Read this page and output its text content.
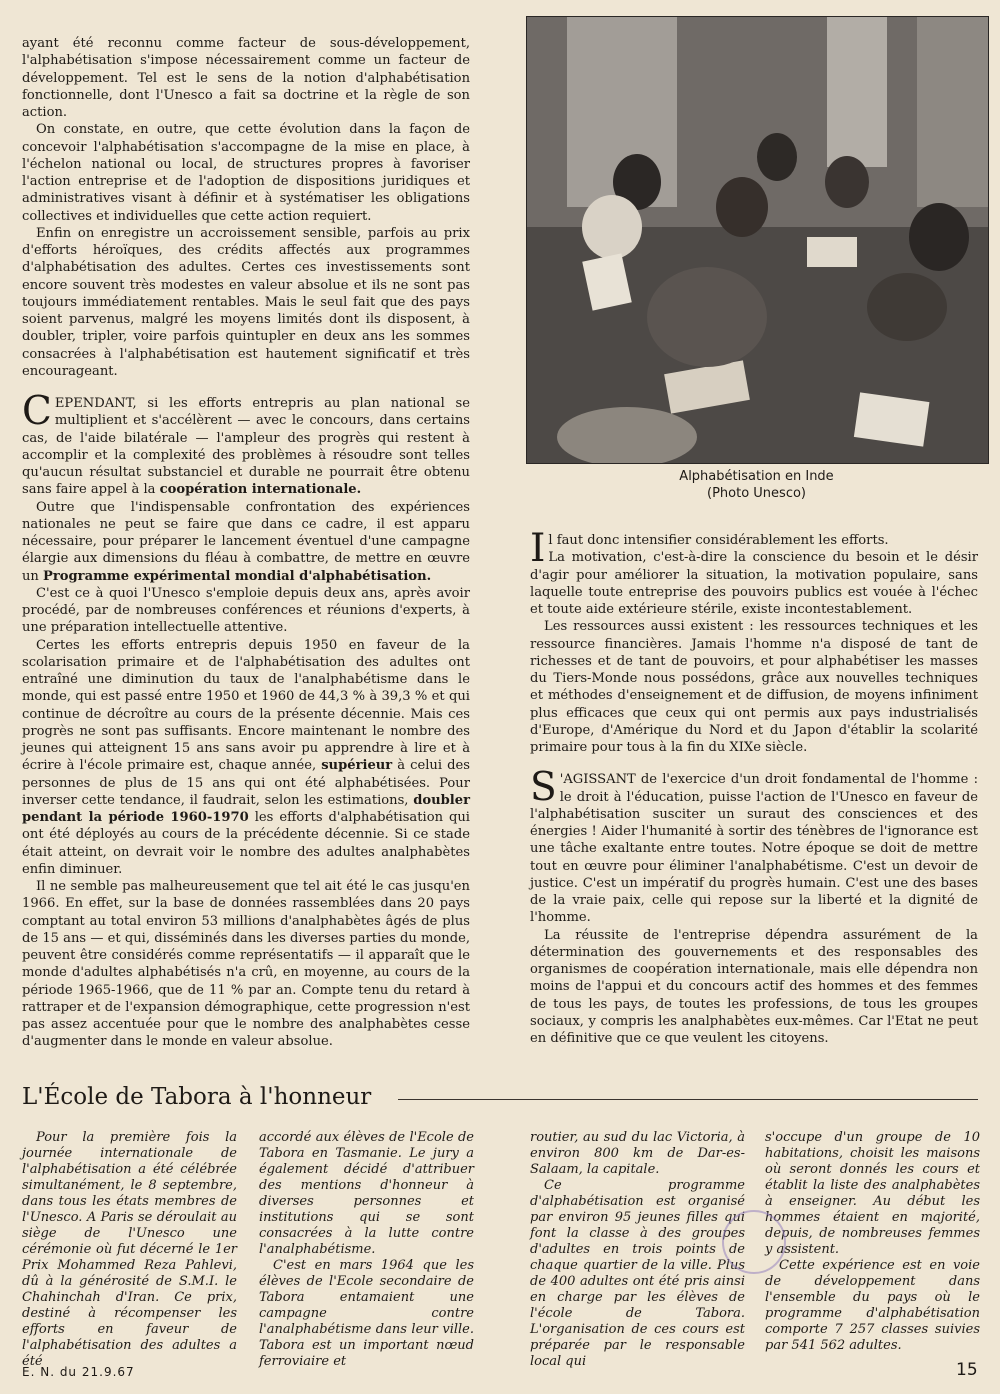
ayant été reconnu comme facteur de sous-développement, l'alphabétisation s'impose nécessairement comme un facteur de développement. Tel est le sens de la notion d'alphabétisation fonctionnelle, dont l'Unesco a fait sa doctrine et la règle de son action.

On constate, en outre, que cette évolution dans la façon de concevoir l'alphabétisation s'accompagne de la mise en place, à l'échelon national ou local, de structures propres à favoriser l'action entreprise et de l'adoption de dispositions juridiques et administratives visant à définir et à systématiser les obligations collectives et individuelles que cette action requiert.

Enfin on enregistre un accroissement sensible, parfois au prix d'efforts héroïques, des crédits affectés aux programmes d'alphabétisation des adultes. Certes ces investissements sont encore souvent très modestes en valeur absolue et ils ne sont pas toujours immédiatement rentables. Mais le seul fait que des pays soient parvenus, malgré les moyens limités dont ils disposent, à doubler, tripler, voire parfois quintupler en deux ans les sommes consacrées à l'alphabétisation est hautement significatif et très encourageant.

CEPENDANT, si les efforts entrepris au plan national se multiplient et s'accélèrent — avec le concours, dans certains cas, de l'aide bilatérale — l'ampleur des progrès qui restent à accomplir et la complexité des problèmes à résoudre sont telles qu'aucun résultat substanciel et durable ne pourrait être obtenu sans faire appel à la coopération internationale.

Outre que l'indispensable confrontation des expériences nationales ne peut se faire que dans ce cadre, il est apparu nécessaire, pour préparer le lancement éventuel d'une campagne élargie aux dimensions du fléau à combattre, de mettre en œuvre un Programme expérimental mondial d'alphabétisation.

C'est ce à quoi l'Unesco s'emploie depuis deux ans, après avoir procédé, par de nombreuses conférences et réunions d'experts, à une préparation intellectuelle attentive.

Certes les efforts entrepris depuis 1950 en faveur de la scolarisation primaire et de l'alphabétisation des adultes ont entraîné une diminution du taux de l'analphabétisme dans le monde, qui est passé entre 1950 et 1960 de 44,3 % à 39,3 % et qui continue de décroître au cours de la présente décennie. Mais ces progrès ne sont pas suffisants. Encore maintenant le nombre des jeunes qui atteignent 15 ans sans avoir pu apprendre à lire et à écrire à l'école primaire est, chaque année, supérieur à celui des personnes de plus de 15 ans qui ont été alphabétisées. Pour inverser cette tendance, il faudrait, selon les estimations, doubler pendant la période 1960-1970 les efforts d'alphabétisation qui ont été déployés au cours de la précédente décennie. Si ce stade était atteint, on devrait voir le nombre des adultes analphabètes enfin diminuer.

Il ne semble pas malheureusement que tel ait été le cas jusqu'en 1966. En effet, sur la base de données rassemblées dans 20 pays comptant au total environ 53 millions d'analphabètes âgés de plus de 15 ans — et qui, disséminés dans les diverses parties du monde, peuvent être considérés comme représentatifs — il apparaît que le monde d'adultes alphabétisés n'a crû, en moyenne, au cours de la période 1965-1966, que de 11 % par an. Compte tenu du retard à rattraper et de l'expansion démographique, cette progression n'est pas assez accentuée pour que le nombre des analphabètes cesse d'augmenter dans le monde en valeur absolue.

Alphabétisation en Inde
(Photo Unesco)

Il faut donc intensifier considérablement les efforts.

La motivation, c'est-à-dire la conscience du besoin et le désir d'agir pour améliorer la situation, la motivation populaire, sans laquelle toute entreprise des pouvoirs publics est vouée à l'échec et toute aide extérieure stérile, existe incontestablement.

Les ressources aussi existent : les ressources techniques et les ressource financières. Jamais l'homme n'a disposé de tant de richesses et de tant de pouvoirs, et pour alphabétiser les masses du Tiers-Monde nous possédons, grâce aux nouvelles techniques et méthodes d'enseignement et de diffusion, de moyens infiniment plus efficaces que ceux qui ont permis aux pays industrialisés d'Europe, d'Amérique du Nord et du Japon d'établir la scolarité primaire pour tous à la fin du XIXe siècle.

S 'AGISSANT de l'exercice d'un droit fondamental de l'homme : le droit à l'éducation, puisse l'action de l'Unesco en faveur de l'alphabétisation susciter un suraut des consciences et des énergies ! Aider l'humanité à sortir des ténèbres de l'ignorance est une tâche exaltante entre toutes. Notre époque se doit de mettre tout en œuvre pour éliminer l'analphabétisme. C'est un devoir de justice. C'est un impératif du progrès humain. C'est une des bases de la vraie paix, celle qui repose sur la liberté et la dignité de l'homme.

La réussite de l'entreprise dépendra assurément de la détermination des gouvernements et des responsables des organismes de coopération internationale, mais elle dépendra non moins de l'appui et du concours actif des hommes et des femmes de tous les pays, de toutes les professions, de tous les groupes sociaux, y compris les analphabètes eux-mêmes. Car l'Etat ne peut en définitive que ce que veulent les citoyens.

L'École de Tabora à l'honneur

Pour la première fois la journée internationale de l'alphabétisation a été célébrée simultanément, le 8 septembre, dans tous les états membres de l'Unesco. A Paris se déroulait au siège de l'Unesco une cérémonie où fut décerné le 1er Prix Mohammed Reza Pahlevi, dû à la générosité de S.M.I. le Chahinchah d'Iran. Ce prix, destiné à récompenser les efforts en faveur de l'alphabétisation des adultes a été

accordé aux élèves de l'Ecole de Tabora en Tasmanie. Le jury a également décidé d'attribuer des mentions d'honneur à diverses personnes et institutions qui se sont consacrées à la lutte contre l'analphabétisme.

C'est en mars 1964 que les élèves de l'Ecole secondaire de Tabora entamaient une campagne contre l'analphabétisme dans leur ville. Tabora est un important nœud ferroviaire et

routier, au sud du lac Victoria, à environ 800 km de Dar-es-Salaam, la capitale.

Ce programme d'alphabétisation est organisé par environ 95 jeunes filles qui font la classe à des groupes d'adultes en trois points de chaque quartier de la ville. Plus de 400 adultes ont été pris ainsi en charge par les élèves de l'école de Tabora. L'organisation de ces cours est préparée par le responsable local qui

s'occupe d'un groupe de 10 habitations, choisit les maisons où seront donnés les cours et établit la liste des analphabètes à enseigner. Au début les hommes étaient en majorité, depuis, de nombreuses femmes y assistent.

Cette expérience est en voie de développement dans l'ensemble du pays où le programme d'alphabétisation comporte 7 257 classes suivies par 541 562 adultes.

E. N. du 21.9.67	15
